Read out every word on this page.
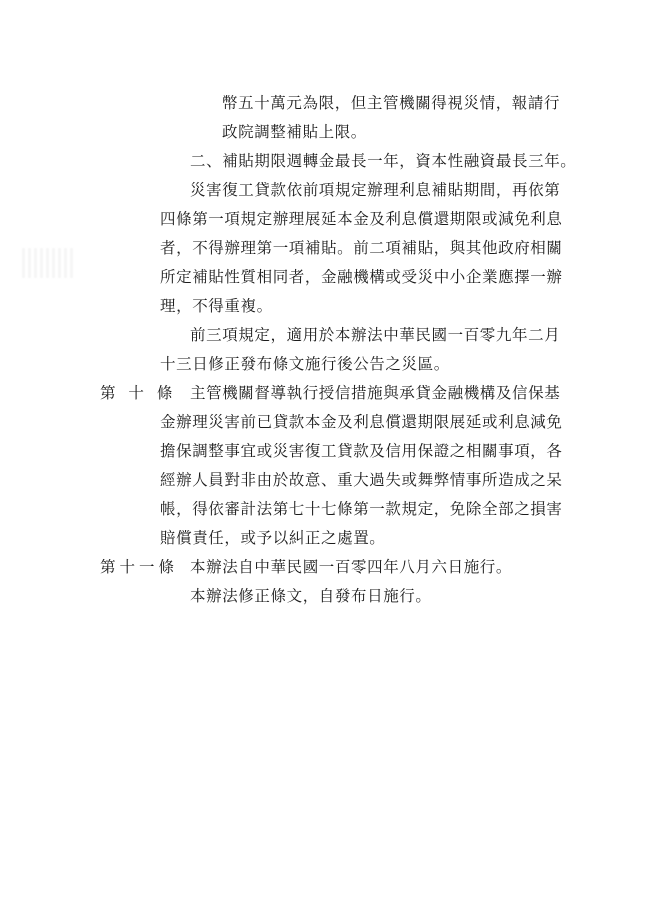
幣五十萬元為限，但主管機關得視災情，報請行
政院調整補貼上限。
二、補貼期限週轉金最長一年，資本性融資最長三年。
災害復工貸款依前項規定辦理利息補貼期間，再依第
四條第一項規定辦理展延本金及利息償還期限或減免利息
者，不得辦理第一項補貼。前二項補貼，與其他政府相關
所定補貼性質相同者，金融機構或受災中小企業應擇一辦
理，不得重複。
前三項規定，適用於本辦法中華民國一百零九年二月
十三日修正發布條文施行後公告之災區。
第 十 條 主管機關督導執行授信措施與承貸金融機構及信保基
金辦理災害前已貸款本金及利息償還期限展延或利息減免
擔保調整事宜或災害復工貸款及信用保證之相關事項，各
經辦人員對非由於故意、重大過失或舞弊情事所造成之呆
帳，得依審計法第七十七條第一款規定，免除全部之損害
賠償責任，或予以糾正之處置。
第十一條 本辦法自中華民國一百零四年八月六日施行。
本辦法修正條文，自發布日施行。
